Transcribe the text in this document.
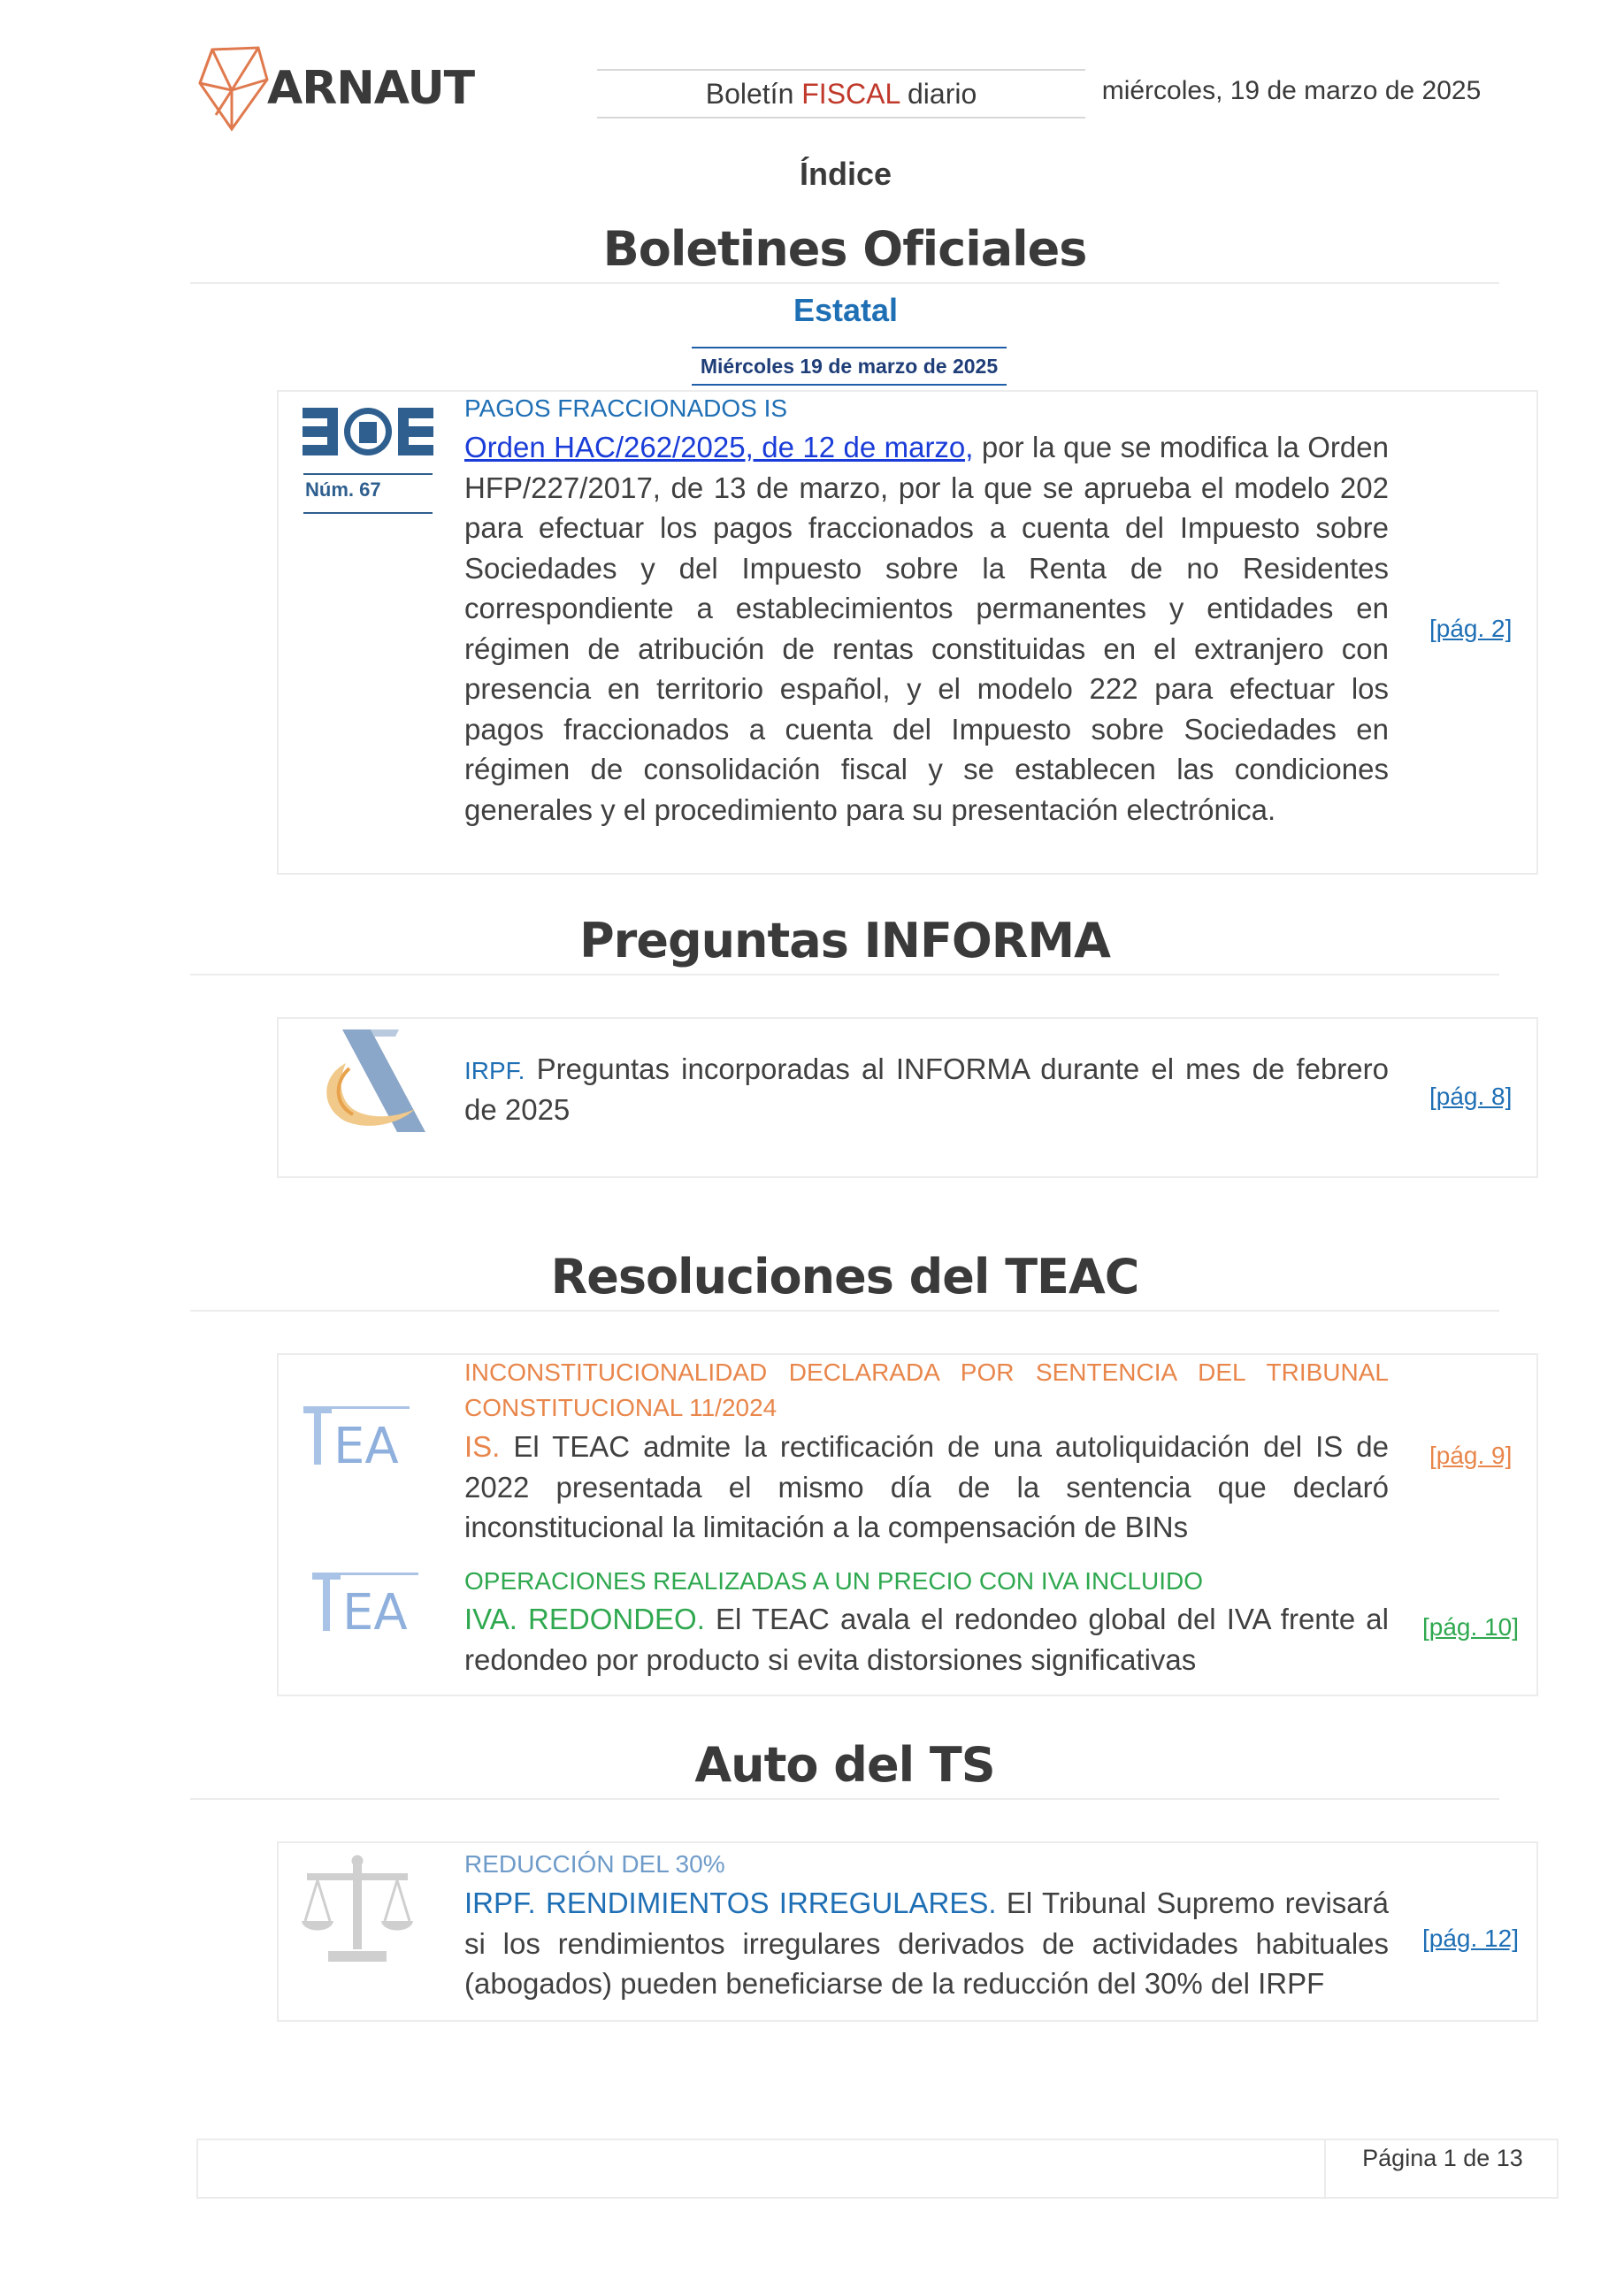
ARNAUT	Boletín FISCAL diario	miércoles, 19 de marzo de 2025
Índice
Boletines Oficiales
Estatal
Miércoles 19 de marzo de 2025
Núm. 67
PAGOS FRACCIONADOS IS
Orden HAC/262/2025, de 12 de marzo, por la que se modifica la Orden HFP/227/2017, de 13 de marzo, por la que se aprueba el modelo 202 para efectuar los pagos fraccionados a cuenta del Impuesto sobre Sociedades y del Impuesto sobre la Renta de no Residentes correspondiente a establecimientos permanentes y entidades en régimen de atribución de rentas constituidas en el extranjero con presencia en territorio español, y el modelo 222 para efectuar los pagos fraccionados a cuenta del Impuesto sobre Sociedades en régimen de consolidación fiscal y se establecen las condiciones generales y el procedimiento para su presentación electrónica.
[pág. 2]
Preguntas INFORMA
IRPF. Preguntas incorporadas al INFORMA durante el mes de febrero de 2025	[pág. 8]
Resoluciones del TEAC
EA
EA
INCONSTITUCIONALIDAD DECLARADA POR SENTENCIA DEL TRIBUNAL CONSTITUCIONAL 11/2024
IS. El TEAC admite la rectificación de una autoliquidación del IS de 2022 presentada el mismo día de la sentencia que declaró inconstitucional la limitación a la compensación de BINs
[pág. 9]
OPERACIONES REALIZADAS A UN PRECIO CON IVA INCLUIDO
IVA. REDONDEO. El TEAC avala el redondeo global del IVA frente al redondeo por producto si evita distorsiones significativas
[pág. 10]
Auto del TS
REDUCCIÓN DEL 30%
IRPF. RENDIMIENTOS IRREGULARES. El Tribunal Supremo revisará si los rendimientos irregulares derivados de actividades habituales (abogados) pueden beneficiarse de la reducción del 30% del IRPF
[pág. 12]
Página 1 de 13
